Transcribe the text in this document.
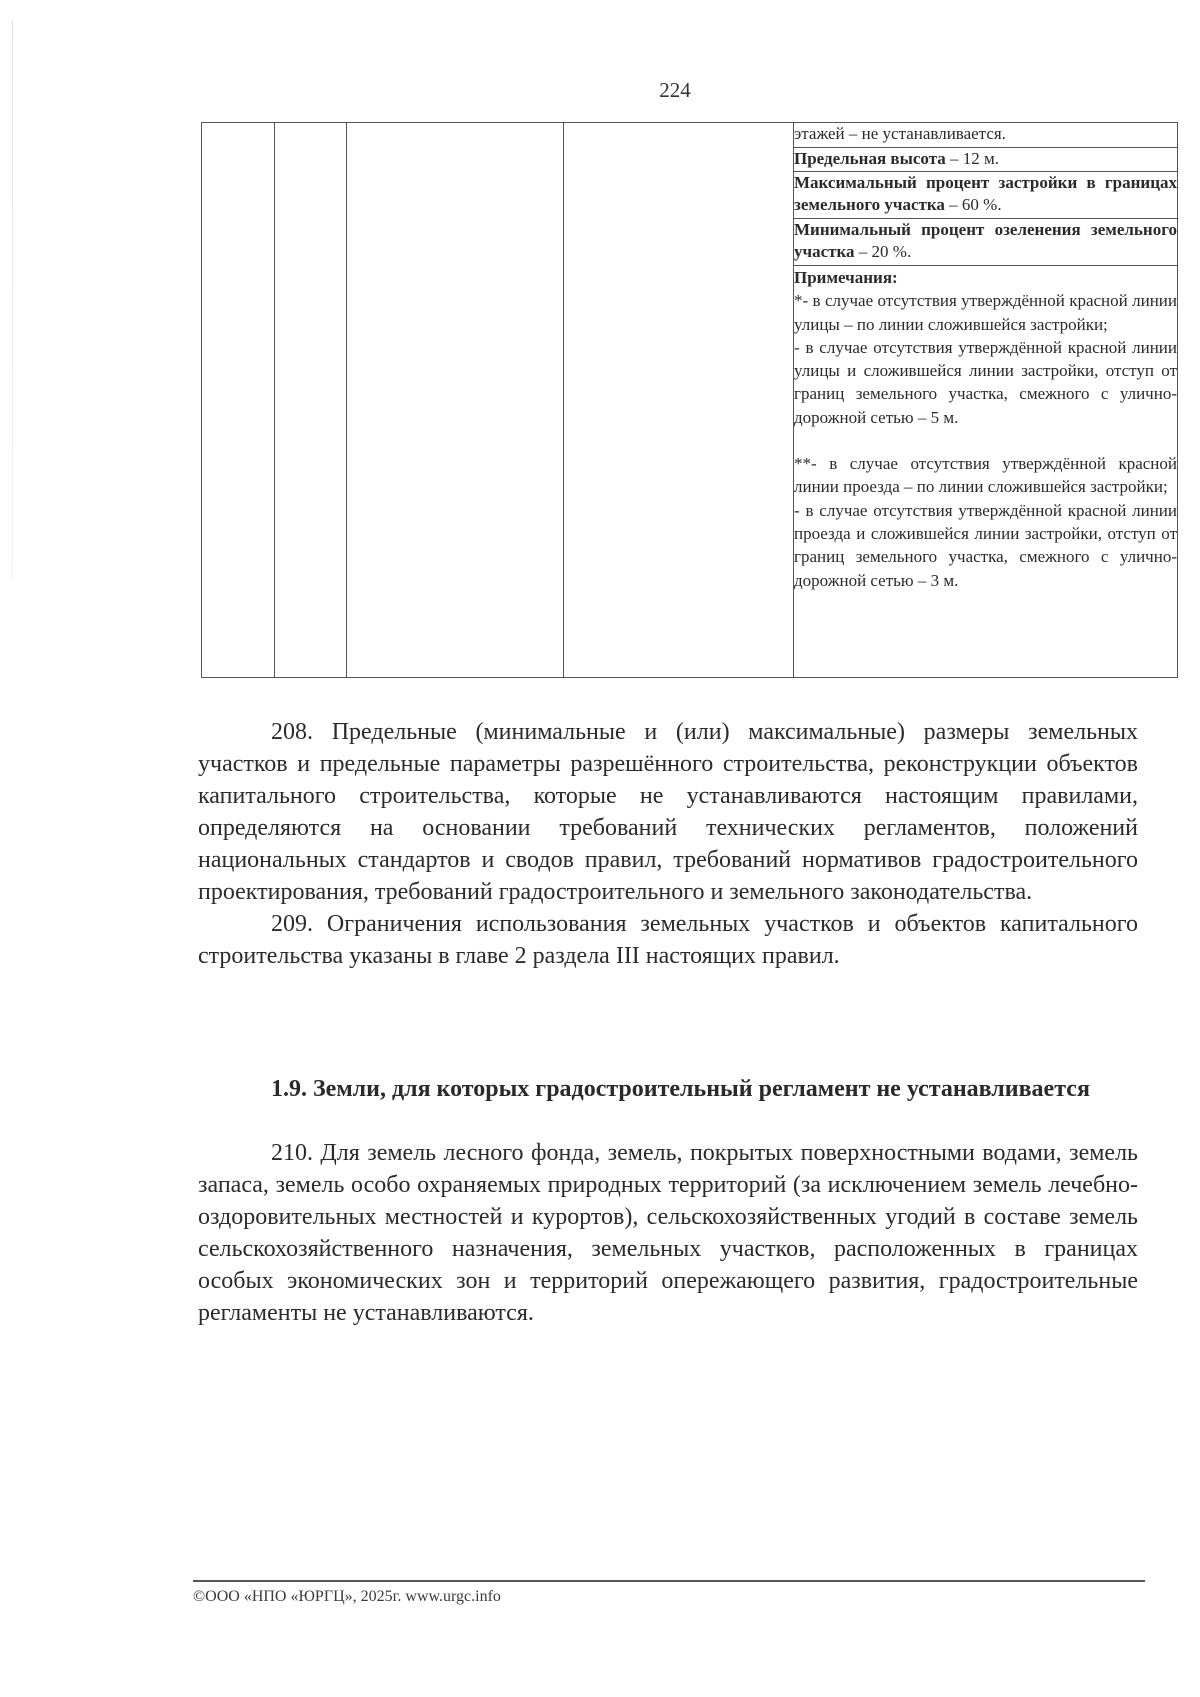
224
				этажей – не устанавливается.
Предельная высота – 12 м.
Максимальный процент застройки в границах земельного участка – 60 %.
Минимальный процент озеленения земельного участка – 20 %.

Примечания:
*- в случае отсутствия утверждённой красной линии улицы – по линии сложившейся застройки;
- в случае отсутствия утверждённой красной линии улицы и сложившейся линии застройки, отступ от границ земельного участка, смежного с улично-дорожной сетью – 5 м.
**- в случае отсутствия утверждённой красной линии проезда – по линии сложившейся застройки;
- в случае отсутствия утверждённой красной линии проезда и сложившейся линии застройки, отступ от границ земельного участка, смежного с улично-дорожной сетью – 3 м.

208. Предельные (минимальные и (или) максимальные) размеры земельных участков и предельные параметры разрешённого строительства, реконструкции объектов капитального строительства, которые не устанавливаются настоящим правилами, определяются на основании требований технических регламентов, положений национальных стандартов и сводов правил, требований нормативов градостроительного проектирования, требований градостроительного и земельного законодательства.

209. Ограничения использования земельных участков и объектов капитального строительства указаны в главе 2 раздела III настоящих правил.

1.9. Земли, для которых градостроительный регламент не устанавливается

210. Для земель лесного фонда, земель, покрытых поверхностными водами, земель запаса, земель особо охраняемых природных территорий (за исключением земель лечебно-оздоровительных местностей и курортов), сельскохозяйственных угодий в составе земель сельскохозяйственного назначения, земельных участков, расположенных в границах особых экономических зон и территорий опережающего развития, градостроительные регламенты не устанавливаются.

©ООО «НПО «ЮРГЦ», 2025г. www.urgc.info
